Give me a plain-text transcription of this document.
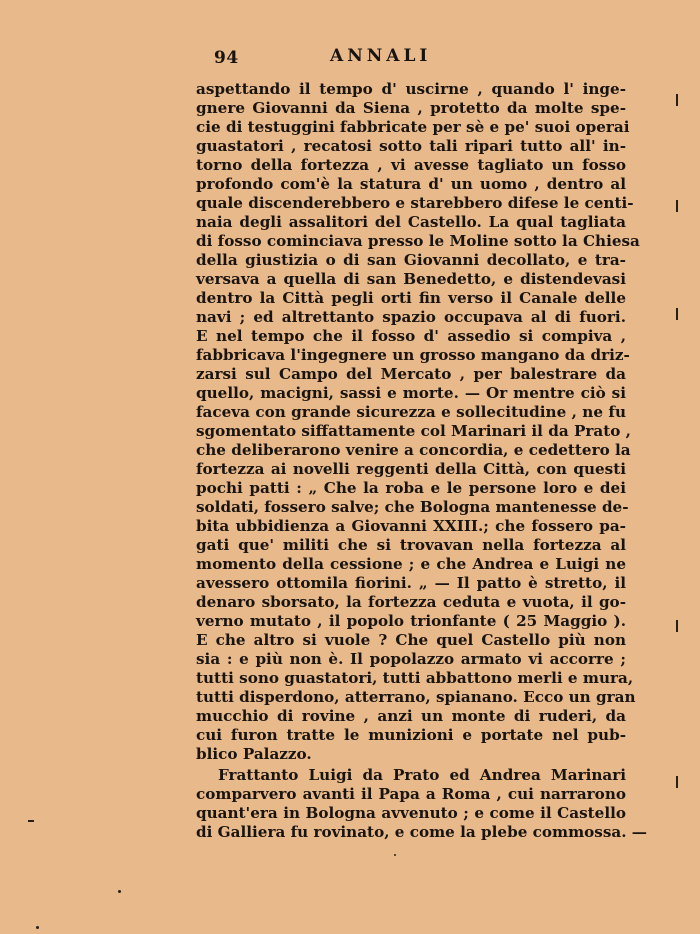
94	ANNALI
aspettando il tempo d' uscirne , quando l' inge-
gnere Giovanni da Siena , protetto da molte spe-
cie di testuggini fabbricate per sè e pe' suoi operai
guastatori , recatosi sotto tali ripari tutto all' in-
torno della fortezza , vi avesse tagliato un fosso
profondo com'è la statura d' un uomo , dentro al
quale discenderebbero e starebbero difese le centi-
naia degli assalitori del Castello. La qual tagliata
di fosso cominciava presso le Moline sotto la Chiesa
della giustizia o di san Giovanni decollato, e tra-
versava a quella di san Benedetto, e distendevasi
dentro la Città pegli orti fin verso il Canale delle
navi ; ed altrettanto spazio occupava al di fuori.
E nel tempo che il fosso d' assedio si compiva ,
fabbricava l'ingegnere un grosso mangano da driz-
zarsi sul Campo del Mercato , per balestrare da
quello, macigni, sassi e morte. — Or mentre ciò si
faceva con grande sicurezza e sollecitudine , ne fu
sgomentato siffattamente col Marinari il da Prato ,
che deliberarono venire a concordia, e cedettero la
fortezza ai novelli reggenti della Città, con questi
pochi patti : „ Che la roba e le persone loro e dei
soldati, fossero salve; che Bologna mantenesse de-
bita ubbidienza a Giovanni XXIII.; che fossero pa-
gati que' militi che si trovavan nella fortezza al
momento della cessione ; e che Andrea e Luigi ne
avessero ottomila fiorini. „ — Il patto è stretto, il
denaro sborsato, la fortezza ceduta e vuota, il go-
verno mutato , il popolo trionfante ( 25 Maggio ).
E che altro si vuole ? Che quel Castello più non
sia : e più non è. Il popolazzo armato vi accorre ;
tutti sono guastatori, tutti abbattono merli e mura,
tutti disperdono, atterrano, spianano. Ecco un gran
mucchio di rovine , anzi un monte di ruderi, da
cui furon tratte le munizioni e portate nel pub-
blico Palazzo.
Frattanto Luigi da Prato ed Andrea Marinari
comparvero avanti il Papa a Roma , cui narrarono
quant'era in Bologna avvenuto ; e come il Castello
di Galliera fu rovinato, e come la plebe commossa. —
